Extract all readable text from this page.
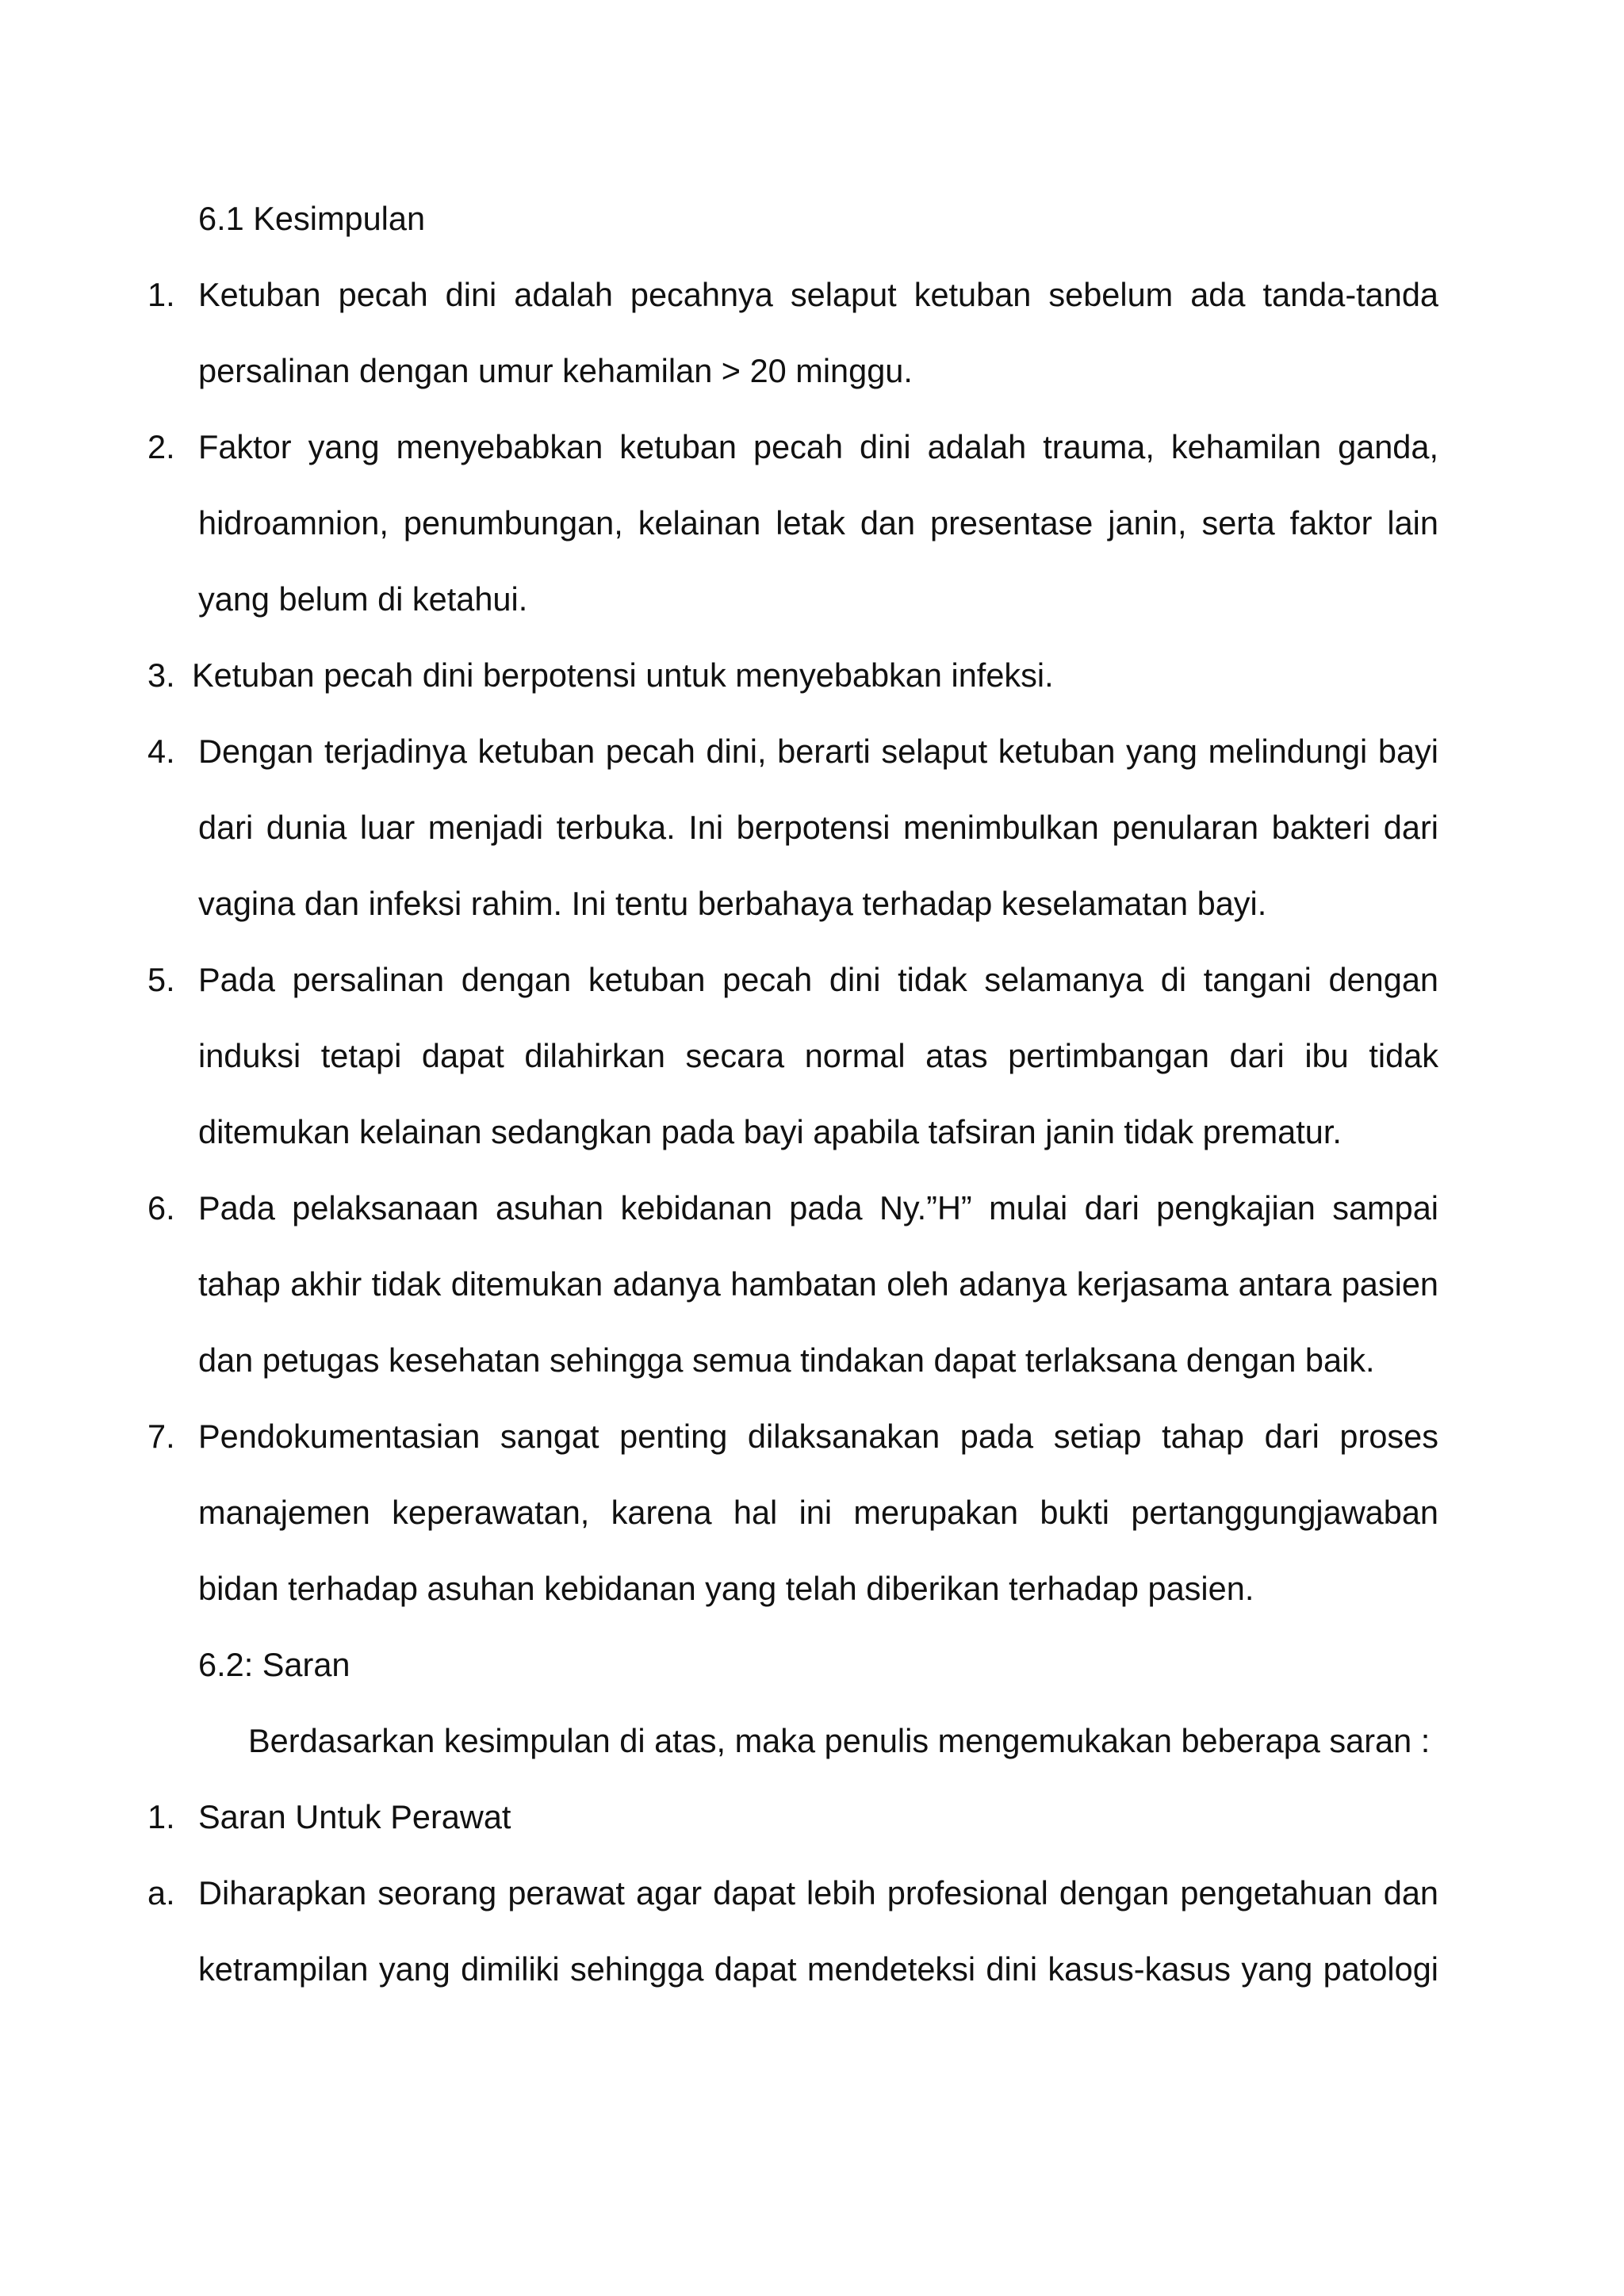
6.1 Kesimpulan
1. Ketuban pecah dini adalah pecahnya selaput ketuban sebelum ada tanda-tanda persalinan dengan umur kehamilan > 20 minggu.
2. Faktor yang menyebabkan ketuban pecah dini adalah trauma, kehamilan ganda, hidroamnion, penumbungan, kelainan letak dan presentase janin, serta faktor lain yang belum di ketahui.
3. Ketuban pecah dini berpotensi untuk menyebabkan infeksi.
4. Dengan terjadinya ketuban pecah dini, berarti selaput ketuban yang melindungi bayi dari dunia luar menjadi terbuka. Ini berpotensi menimbulkan penularan bakteri dari vagina dan infeksi rahim. Ini tentu berbahaya terhadap keselamatan bayi.
5. Pada persalinan dengan ketuban pecah dini tidak selamanya di tangani dengan induksi tetapi dapat dilahirkan secara normal atas pertimbangan dari ibu tidak ditemukan kelainan sedangkan pada bayi apabila tafsiran janin tidak prematur.
6. Pada pelaksanaan asuhan kebidanan pada Ny.”H” mulai dari pengkajian sampai tahap akhir tidak ditemukan adanya hambatan oleh adanya kerjasama antara pasien dan petugas kesehatan sehingga semua tindakan dapat terlaksana dengan baik.
7. Pendokumentasian sangat penting dilaksanakan pada setiap tahap dari proses manajemen keperawatan, karena hal ini merupakan bukti pertanggungjawaban bidan terhadap asuhan kebidanan yang telah diberikan terhadap pasien.
6.2: Saran
Berdasarkan kesimpulan di atas, maka penulis mengemukakan beberapa saran :
1. Saran Untuk Perawat
a. Diharapkan seorang perawat agar dapat lebih profesional dengan pengetahuan dan ketrampilan yang dimiliki sehingga dapat mendeteksi dini kasus-kasus yang patologi
